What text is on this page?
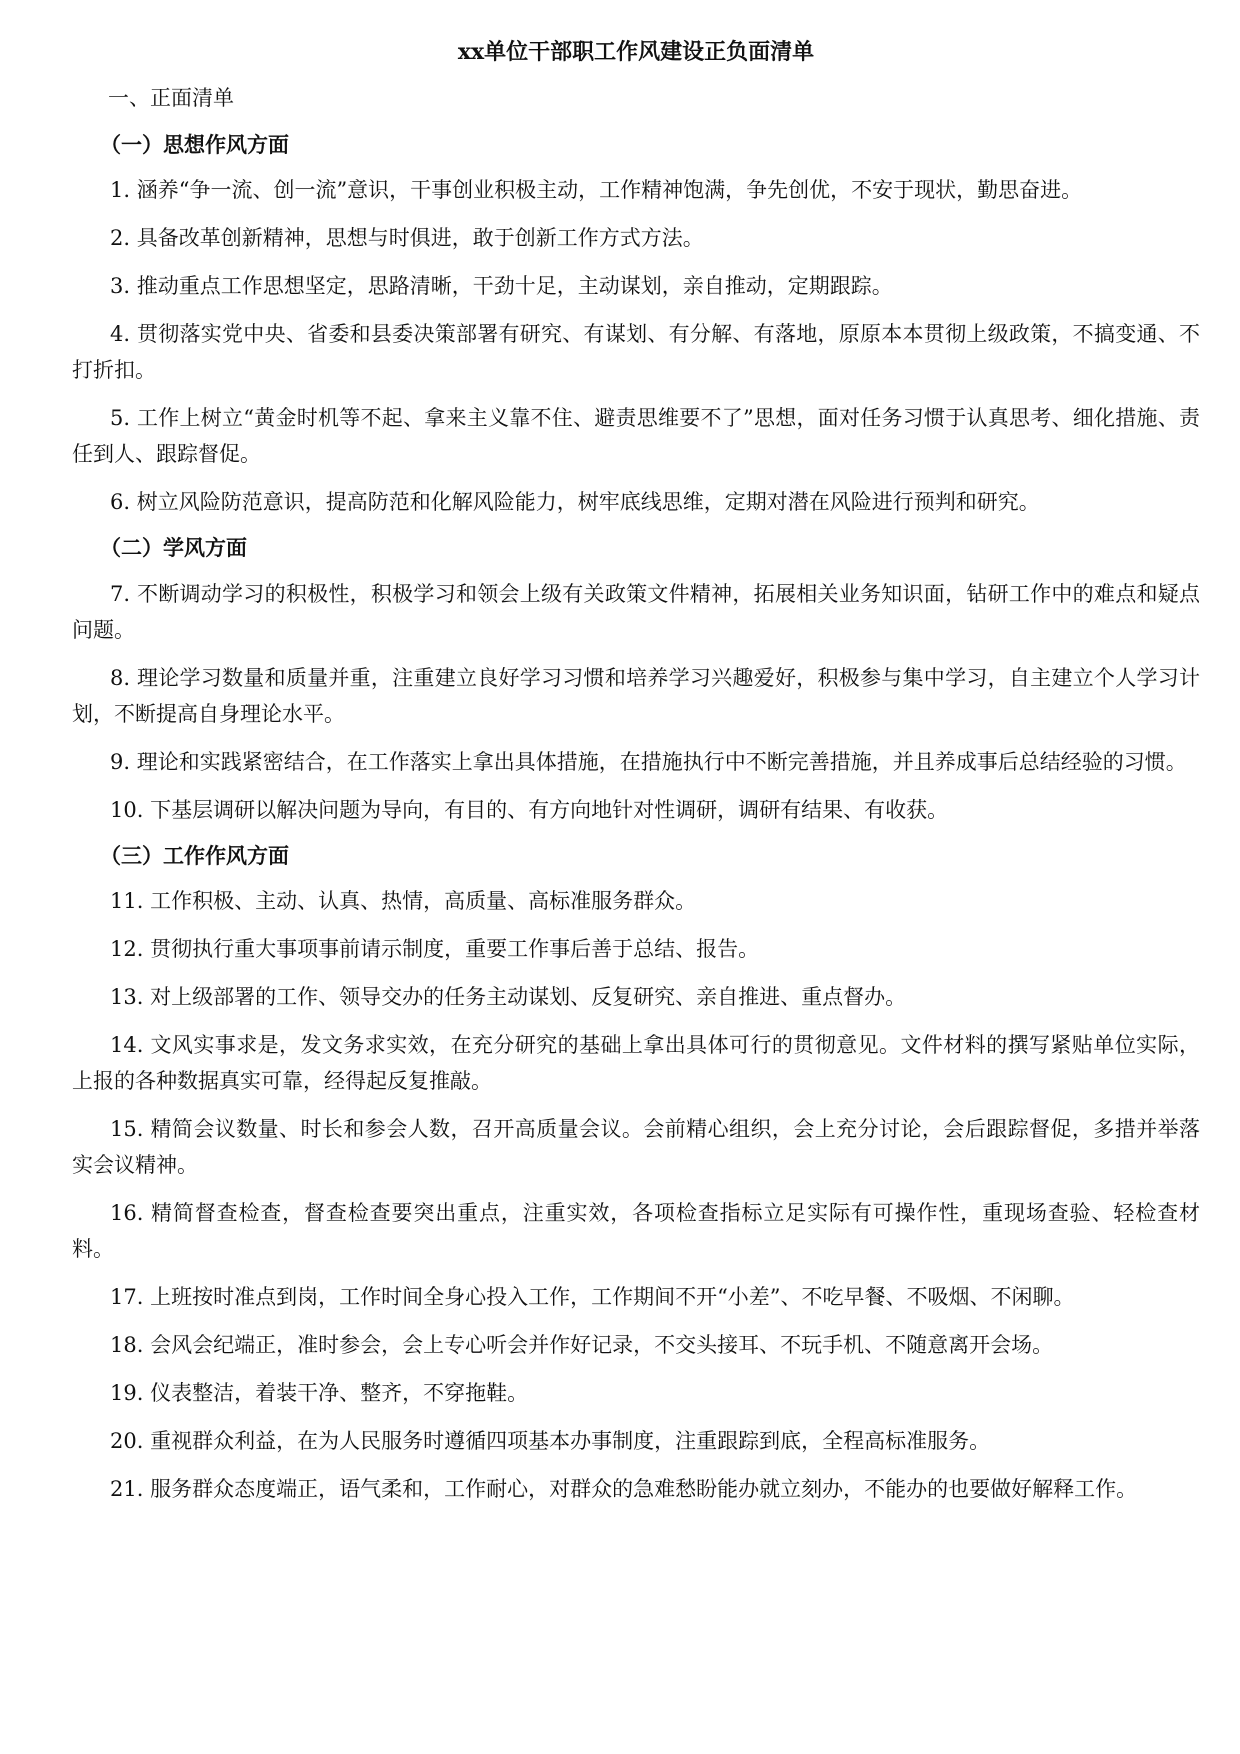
xx单位干部职工作风建设正负面清单
一、正面清单
（一）思想作风方面

1. 涵养“争一流、创一流”意识，干事创业积极主动，工作精神饱满，争先创优，不安于现状，勤思奋进。

2. 具备改革创新精神，思想与时俱进，敢于创新工作方式方法。

3. 推动重点工作思想坚定，思路清晰，干劲十足，主动谋划，亲自推动，定期跟踪。

4. 贯彻落实党中央、省委和县委决策部署有研究、有谋划、有分解、有落地，原原本本贯彻上级政策，不搞变通、不打折扣。

5. 工作上树立“黄金时机等不起、拿来主义靠不住、避责思维要不了”思想，面对任务习惯于认真思考、细化措施、责任到人、跟踪督促。

6. 树立风险防范意识，提高防范和化解风险能力，树牢底线思维，定期对潜在风险进行预判和研究。

（二）学风方面

7. 不断调动学习的积极性，积极学习和领会上级有关政策文件精神，拓展相关业务知识面，钻研工作中的难点和疑点问题。

8. 理论学习数量和质量并重，注重建立良好学习习惯和培养学习兴趣爱好，积极参与集中学习，自主建立个人学习计划，不断提高自身理论水平。

9. 理论和实践紧密结合，在工作落实上拿出具体措施，在措施执行中不断完善措施，并且养成事后总结经验的习惯。

10. 下基层调研以解决问题为导向，有目的、有方向地针对性调研，调研有结果、有收获。

（三）工作作风方面

11. 工作积极、主动、认真、热情，高质量、高标准服务群众。

12. 贯彻执行重大事项事前请示制度，重要工作事后善于总结、报告。

13. 对上级部署的工作、领导交办的任务主动谋划、反复研究、亲自推进、重点督办。

14. 文风实事求是，发文务求实效，在充分研究的基础上拿出具体可行的贯彻意见。文件材料的撰写紧贴单位实际，上报的各种数据真实可靠，经得起反复推敲。

15. 精简会议数量、时长和参会人数，召开高质量会议。会前精心组织，会上充分讨论，会后跟踪督促，多措并举落实会议精神。

16. 精简督查检查，督查检查要突出重点，注重实效，各项检查指标立足实际有可操作性，重现场查验、轻检查材料。

17. 上班按时准点到岗，工作时间全身心投入工作，工作期间不开“小差”、不吃早餐、不吸烟、不闲聊。

18. 会风会纪端正，准时参会，会上专心听会并作好记录，不交头接耳、不玩手机、不随意离开会场。

19. 仪表整洁，着装干净、整齐，不穿拖鞋。

20. 重视群众利益，在为人民服务时遵循四项基本办事制度，注重跟踪到底，全程高标准服务。

21. 服务群众态度端正，语气柔和，工作耐心，对群众的急难愁盼能办就立刻办，不能办的也要做好解释工作。
